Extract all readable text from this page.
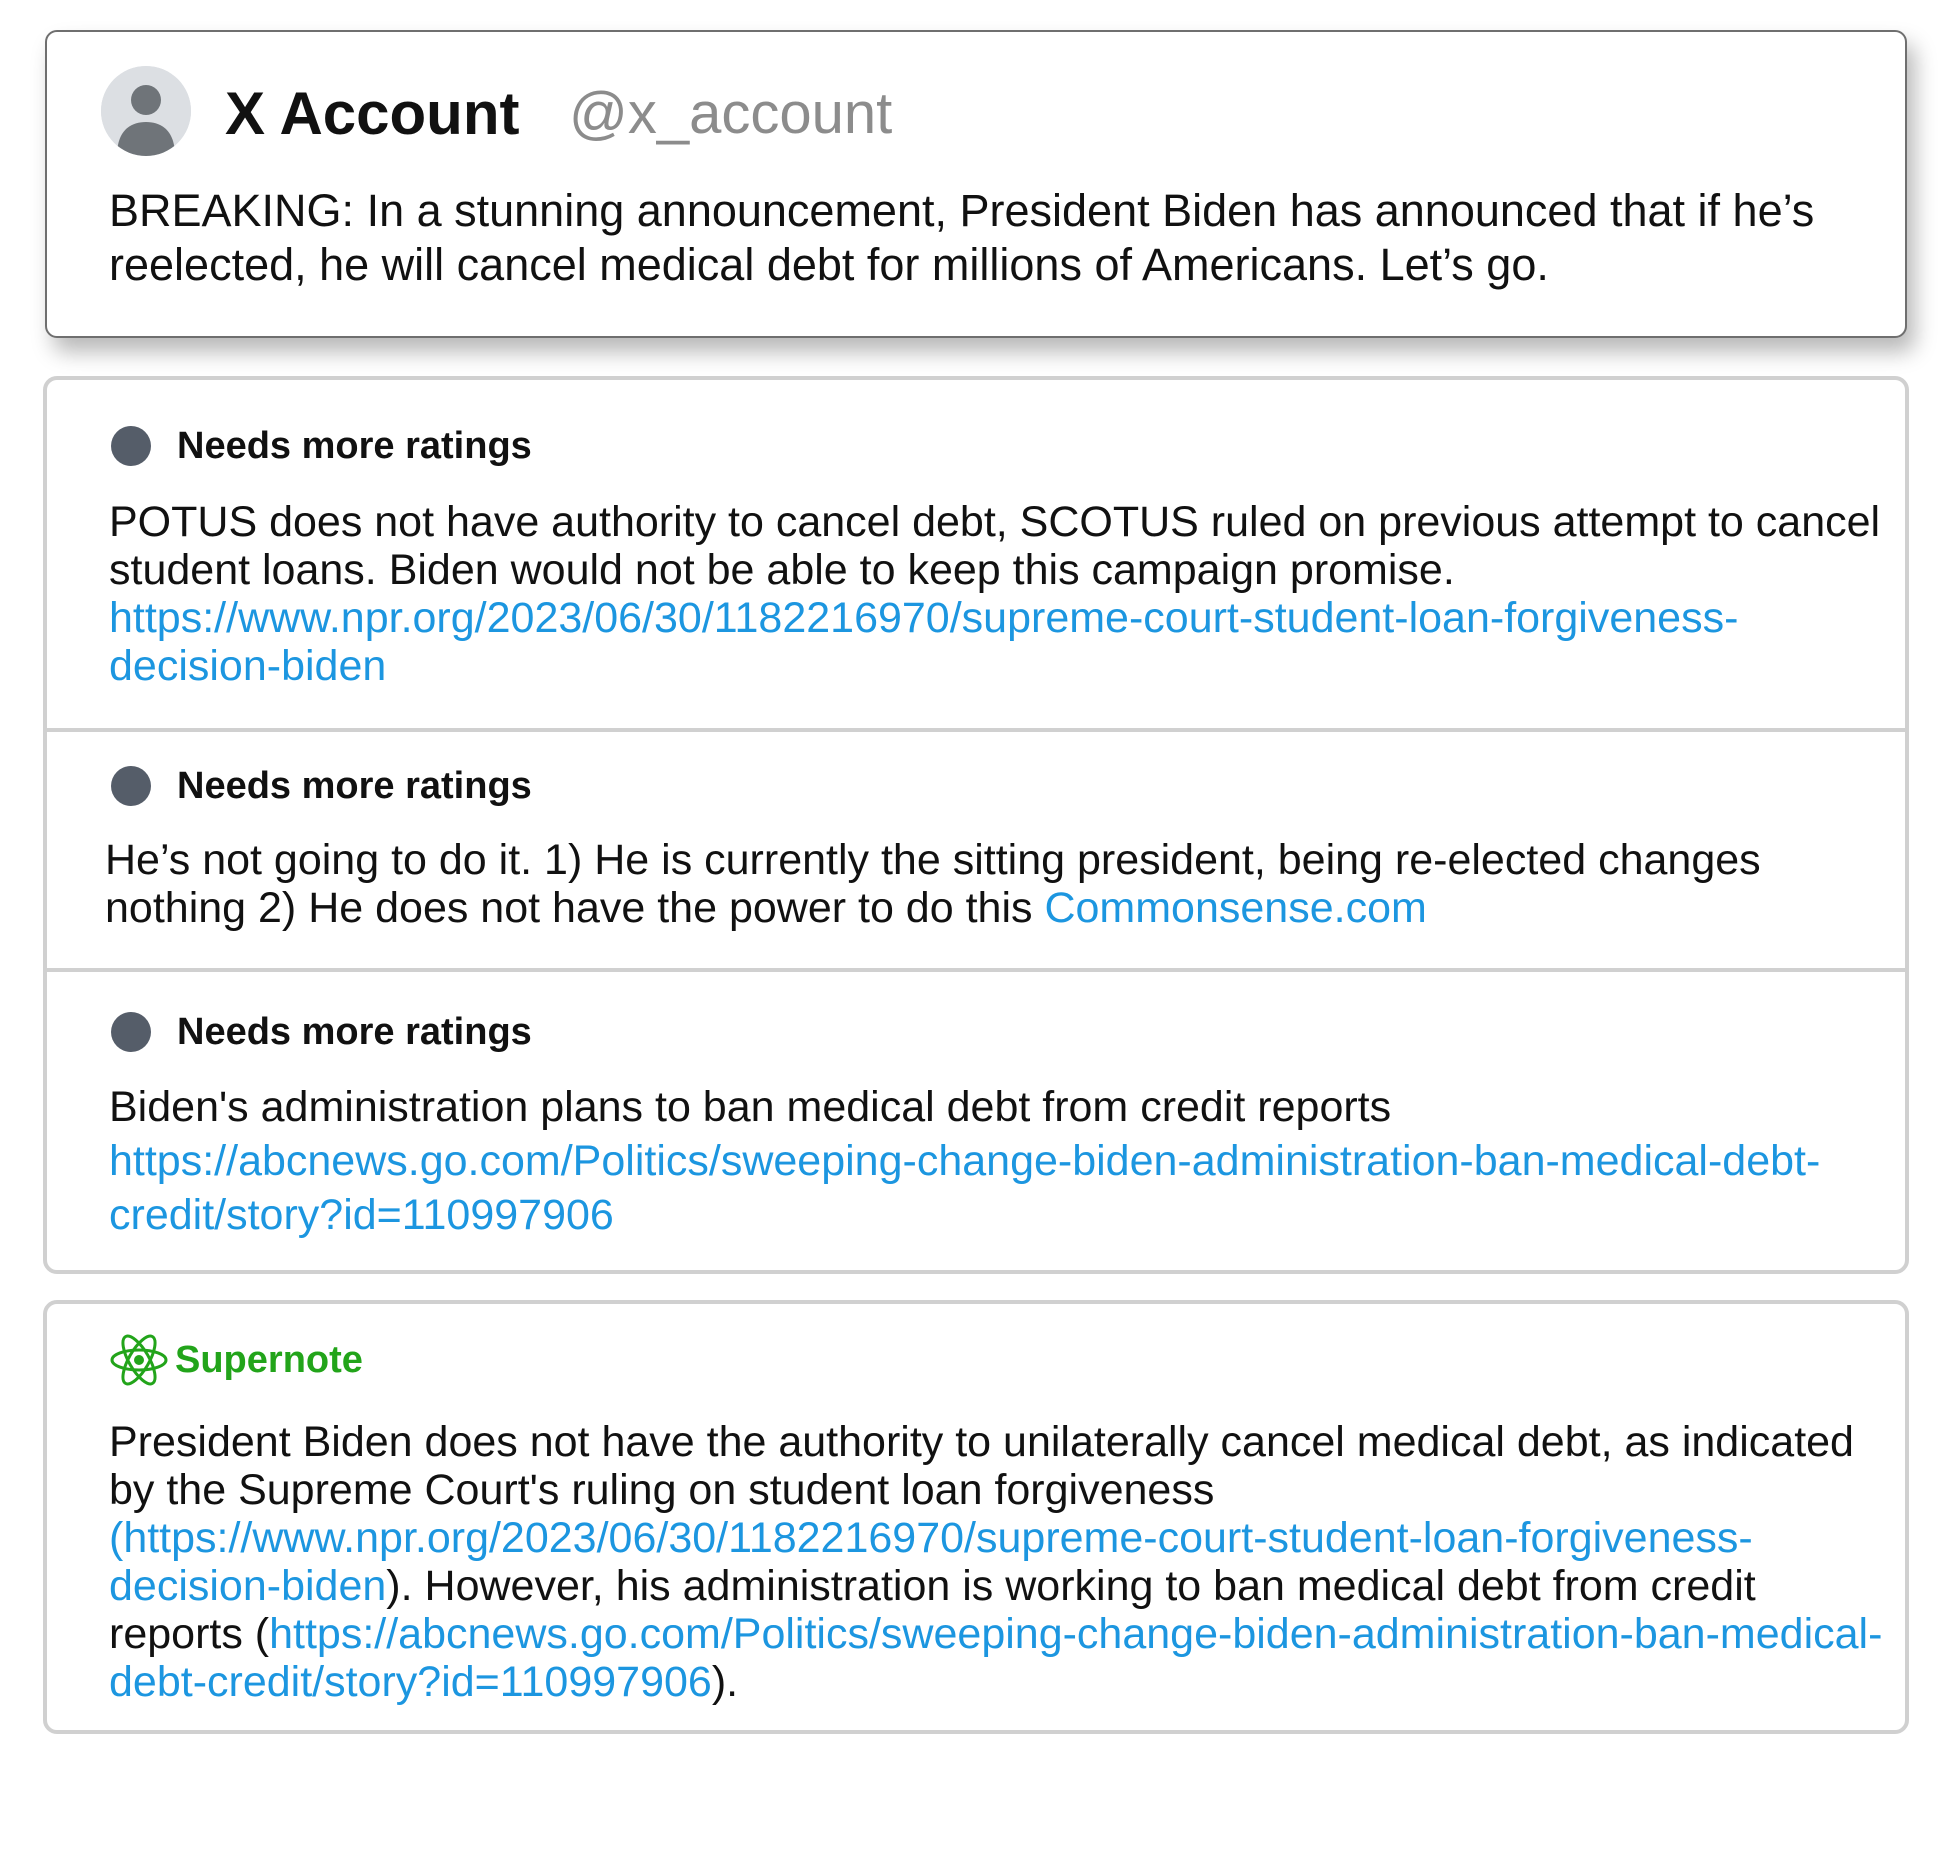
X Account @x_account

BREAKING: In a stunning announcement, President Biden has announced that if he’s reelected, he will cancel medical debt for millions of Americans. Let’s go.

Needs more ratings

POTUS does not have authority to cancel debt, SCOTUS ruled on previous attempt to cancel student loans. Biden would not be able to keep this campaign promise. https://www.npr.org/2023/06/30/1182216970/supreme-court-student-loan-forgiveness-decision-biden

Needs more ratings

He’s not going to do it. 1) He is currently the sitting president, being re-elected changes nothing 2) He does not have the power to do this Commonsense.com

Needs more ratings

Biden's administration plans to ban medical debt from credit reports
https://abcnews.go.com/Politics/sweeping-change-biden-administration-ban-medical-debt-credit/story?id=110997906

Supernote

President Biden does not have the authority to unilaterally cancel medical debt, as indicated by the Supreme Court's ruling on student loan forgiveness (https://www.npr.org/2023/06/30/1182216970/supreme-court-student-loan-forgiveness-decision-biden). However, his administration is working to ban medical debt from credit reports (https://abcnews.go.com/Politics/sweeping-change-biden-administration-ban-medical-debt-credit/story?id=110997906).
